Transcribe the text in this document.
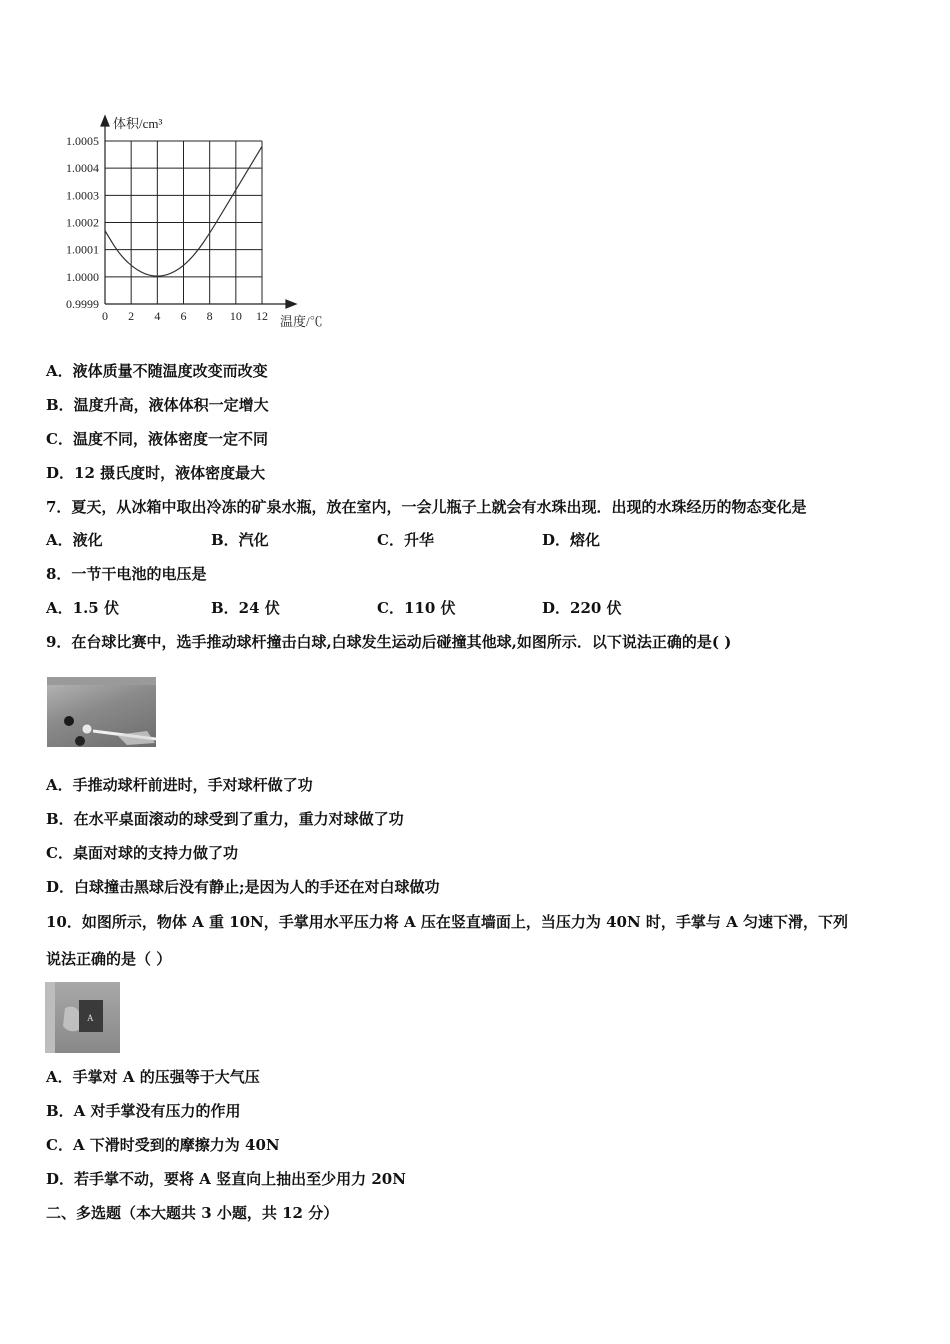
1.0005
1.0004
1.0003
1.0002
1.0001
1.0000
0.9999
0 2 4 6 8 10 12
体积/cm³
温度/℃
A．液体质量不随温度改变而改变
B．温度升高，液体体积一定增大
C．温度不同，液体密度一定不同
D．12 摄氏度时，液体密度最大
7．夏天，从冰箱中取出冷冻的矿泉水瓶，放在室内，一会儿瓶子上就会有水珠出现．出现的水珠经历的物态变化是
A．液化	B．汽化	C．升华	D．熔化
8．一节干电池的电压是
A．1.5 伏	B．24 伏	C．110 伏	D．220 伏
9．在台球比赛中，选手推动球杆撞击白球,白球发生运动后碰撞其他球,如图所示．以下说法正确的是( )
A．手推动球杆前进时，手对球杆做了功
B．在水平桌面滚动的球受到了重力，重力对球做了功
C．桌面对球的支持力做了功
D．白球撞击黑球后没有静止;是因为人的手还在对白球做功
10．如图所示，物体 A 重 10N，手掌用水平压力将 A 压在竖直墙面上，当压力为 40N 时，手掌与 A 匀速下滑，下列
说法正确的是（ ）
A
A．手掌对 A 的压强等于大气压
B．A 对手掌没有压力的作用
C．A 下滑时受到的摩擦力为 40N
D．若手掌不动，要将 A 竖直向上抽出至少用力 20N
二、多选题（本大题共 3 小题，共 12 分）
